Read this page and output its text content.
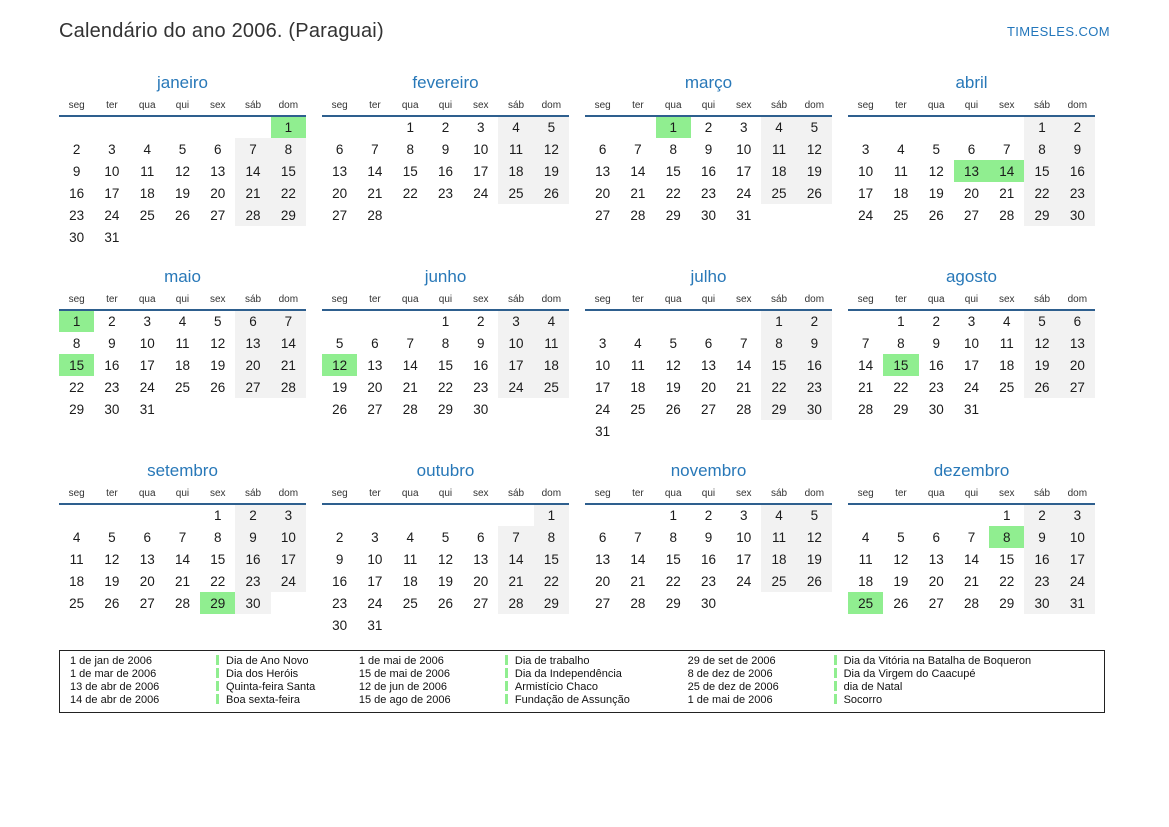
Calendário do ano 2006. (Paraguai)	TIMESLES.COM
janeiro
seg	ter	qua	qui	sex	sáb	dom
						1
2	3	4	5	6	7	8
9	10	11	12	13	14	15
16	17	18	19	20	21	22
23	24	25	26	27	28	29
30	31					
fevereiro
seg	ter	qua	qui	sex	sáb	dom
		1	2	3	4	5
6	7	8	9	10	11	12
13	14	15	16	17	18	19
20	21	22	23	24	25	26
27	28					
março
seg	ter	qua	qui	sex	sáb	dom
		1	2	3	4	5
6	7	8	9	10	11	12
13	14	15	16	17	18	19
20	21	22	23	24	25	26
27	28	29	30	31		
abril
seg	ter	qua	qui	sex	sáb	dom
					1	2
3	4	5	6	7	8	9
10	11	12	13	14	15	16
17	18	19	20	21	22	23
24	25	26	27	28	29	30
maio
seg	ter	qua	qui	sex	sáb	dom
1	2	3	4	5	6	7
8	9	10	11	12	13	14
15	16	17	18	19	20	21
22	23	24	25	26	27	28
29	30	31				
junho
seg	ter	qua	qui	sex	sáb	dom
			1	2	3	4
5	6	7	8	9	10	11
12	13	14	15	16	17	18
19	20	21	22	23	24	25
26	27	28	29	30		
julho
seg	ter	qua	qui	sex	sáb	dom
					1	2
3	4	5	6	7	8	9
10	11	12	13	14	15	16
17	18	19	20	21	22	23
24	25	26	27	28	29	30
31						
agosto
seg	ter	qua	qui	sex	sáb	dom
	1	2	3	4	5	6
7	8	9	10	11	12	13
14	15	16	17	18	19	20
21	22	23	24	25	26	27
28	29	30	31			
setembro
seg	ter	qua	qui	sex	sáb	dom
				1	2	3
4	5	6	7	8	9	10
11	12	13	14	15	16	17
18	19	20	21	22	23	24
25	26	27	28	29	30	
outubro
seg	ter	qua	qui	sex	sáb	dom
						1
2	3	4	5	6	7	8
9	10	11	12	13	14	15
16	17	18	19	20	21	22
23	24	25	26	27	28	29
30	31					
novembro
seg	ter	qua	qui	sex	sáb	dom
		1	2	3	4	5
6	7	8	9	10	11	12
13	14	15	16	17	18	19
20	21	22	23	24	25	26
27	28	29	30			
dezembro
seg	ter	qua	qui	sex	sáb	dom
				1	2	3
4	5	6	7	8	9	10
11	12	13	14	15	16	17
18	19	20	21	22	23	24
25	26	27	28	29	30	31
1 de jan de 2006	Dia de Ano Novo
1 de mar de 2006	Dia dos Heróis
13 de abr de 2006	Quinta-feira Santa
14 de abr de 2006	Boa sexta-feira
1 de mai de 2006	Dia de trabalho
15 de mai de 2006	Dia da Independência
12 de jun de 2006	Armistício Chaco
15 de ago de 2006	Fundação de Assunção
29 de set de 2006	Dia da Vitória na Batalha de Boqueron
8 de dez de 2006	Dia da Virgem do Caacupé
25 de dez de 2006	dia de Natal
1 de mai de 2006	Socorro
